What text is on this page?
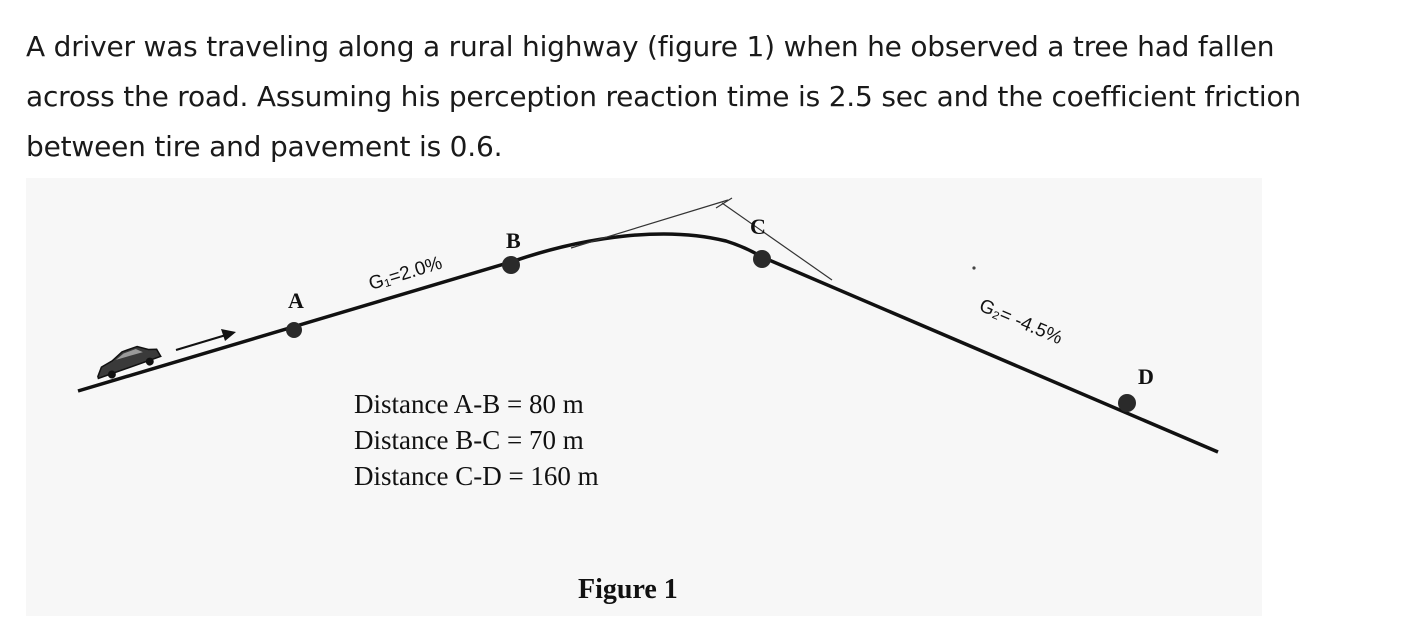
A driver was traveling along a rural highway (figure 1) when he observed a tree had fallen across the road. Assuming his perception reaction time is 2.5 sec and the coefficient friction between tire and pavement is 0.6.

A
B
C
D
G₁=2.0%
G₂= -4.5%
Distance A-B = 80 m
Distance B-C = 70 m
Distance C-D = 160 m
Figure 1
